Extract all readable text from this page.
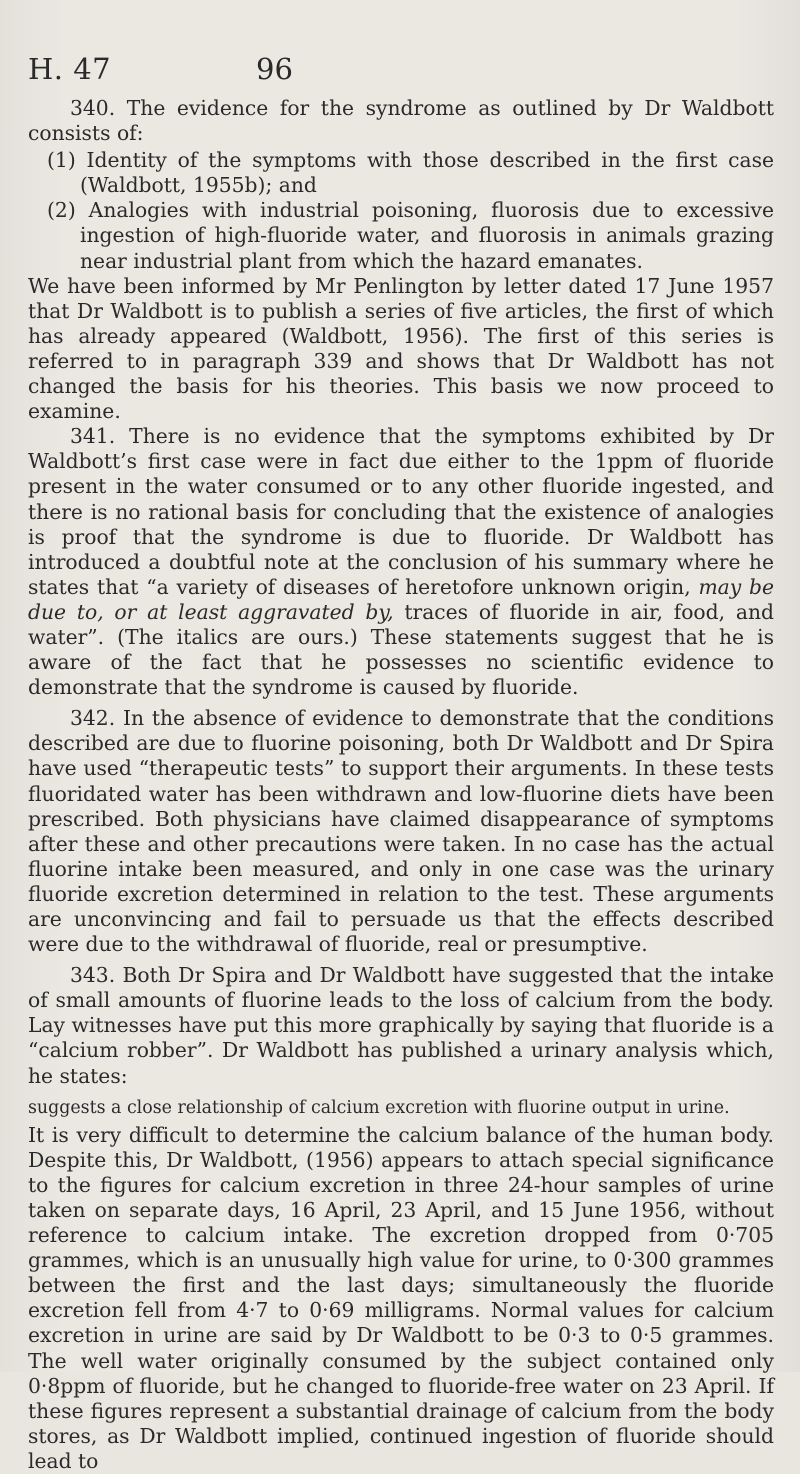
H. 47	96

340. The evidence for the syndrome as outlined by Dr Waldbott consists of:

(1) Identity of the symptoms with those described in the first case (Waldbott, 1955b); and
(2) Analogies with industrial poisoning, fluorosis due to excessive ingestion of high-fluoride water, and fluorosis in animals grazing near industrial plant from which the hazard emanates.

We have been informed by Mr Penlington by letter dated 17 June 1957 that Dr Waldbott is to publish a series of five articles, the first of which has already appeared (Waldbott, 1956). The first of this series is referred to in paragraph 339 and shows that Dr Waldbott has not changed the basis for his theories. This basis we now proceed to examine.

341. There is no evidence that the symptoms exhibited by Dr Waldbott’s first case were in fact due either to the 1ppm of fluoride present in the water consumed or to any other fluoride ingested, and there is no rational basis for concluding that the existence of analogies is proof that the syndrome is due to fluoride. Dr Waldbott has introduced a doubtful note at the conclusion of his summary where he states that “a variety of diseases of heretofore unknown origin, may be due to, or at least aggravated by, traces of fluoride in air, food, and water”. (The italics are ours.) These statements suggest that he is aware of the fact that he possesses no scientific evidence to demonstrate that the syndrome is caused by fluoride.

342. In the absence of evidence to demonstrate that the conditions described are due to fluorine poisoning, both Dr Waldbott and Dr Spira have used “therapeutic tests” to support their arguments. In these tests fluoridated water has been withdrawn and low-fluorine diets have been prescribed. Both physicians have claimed disappearance of symptoms after these and other precautions were taken. In no case has the actual fluorine intake been measured, and only in one case was the urinary fluoride excretion determined in relation to the test. These arguments are unconvincing and fail to persuade us that the effects described were due to the withdrawal of fluoride, real or presumptive.

343. Both Dr Spira and Dr Waldbott have suggested that the intake of small amounts of fluorine leads to the loss of calcium from the body. Lay witnesses have put this more graphically by saying that fluoride is a “calcium robber”. Dr Waldbott has published a urinary analysis which, he states:

suggests a close relationship of calcium excretion with fluorine output in urine.

It is very difficult to determine the calcium balance of the human body. Despite this, Dr Waldbott, (1956) appears to attach special significance to the figures for calcium excretion in three 24-hour samples of urine taken on separate days, 16 April, 23 April, and 15 June 1956, without reference to calcium intake. The excretion dropped from 0·705 grammes, which is an unusually high value for urine, to 0·300 grammes between the first and the last days; simultaneously the fluoride excretion fell from 4·7 to 0·69 milligrams. Normal values for calcium excretion in urine are said by Dr Waldbott to be 0·3 to 0·5 grammes. The well water originally consumed by the subject contained only 0·8ppm of fluoride, but he changed to fluoride-free water on 23 April. If these figures represent a substantial drainage of calcium from the body stores, as Dr Waldbott implied, continued ingestion of fluoride should lead to
